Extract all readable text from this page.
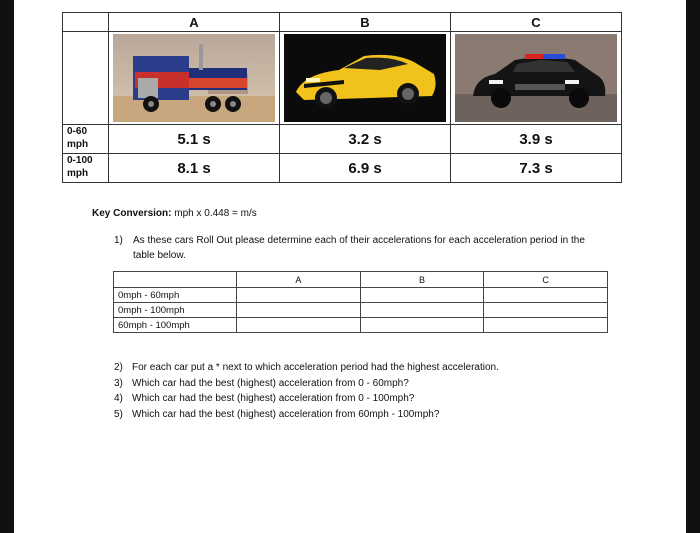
	A	B	C

0-60
mph	5.1 s	3.2 s	3.9 s

0-100
mph	8.1 s	6.9 s	7.3 s
Key Conversion: mph x 0.448 = m/s
1) As these cars Roll Out please determine each of their accelerations for each acceleration period in the table below.
	A	B	C
0mph - 60mph			
0mph - 100mph			
60mph - 100mph			
2) For each car put a * next to which acceleration period had the highest acceleration.
3) Which car had the best (highest) acceleration from 0 - 60mph?
4) Which car had the best (highest) acceleration from 0 - 100mph?
5) Which car had the best (highest) acceleration from 60mph - 100mph?
